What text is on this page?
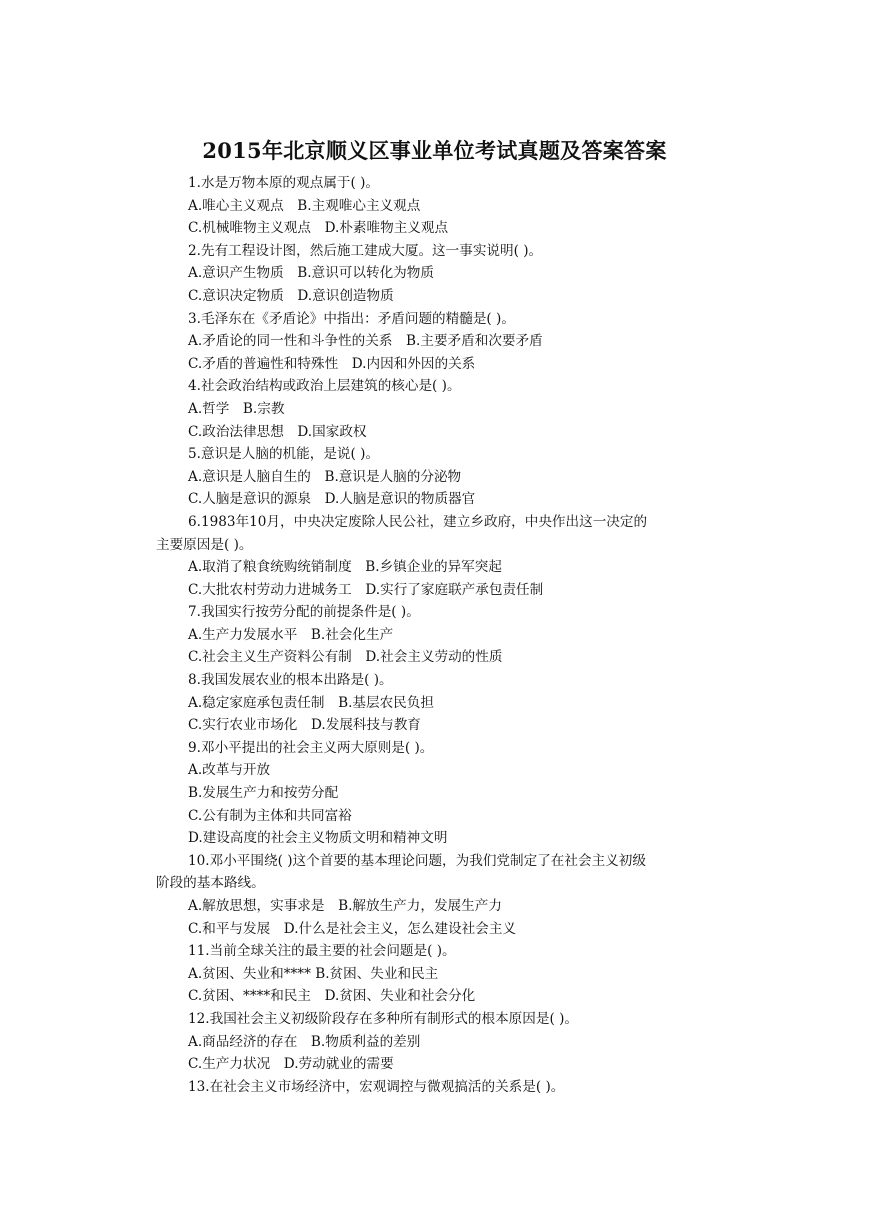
2015年北京顺义区事业单位考试真题及答案答案
1.水是万物本原的观点属于( )。
A.唯心主义观点　B.主观唯心主义观点
C.机械唯物主义观点　D.朴素唯物主义观点
2.先有工程设计图，然后施工建成大厦。这一事实说明( )。
A.意识产生物质　B.意识可以转化为物质
C.意识决定物质　D.意识创造物质
3.毛泽东在《矛盾论》中指出：矛盾问题的精髓是( )。
A.矛盾论的同一性和斗争性的关系　B.主要矛盾和次要矛盾
C.矛盾的普遍性和特殊性　D.内因和外因的关系
4.社会政治结构或政治上层建筑的核心是( )。
A.哲学　B.宗教
C.政治法律思想　D.国家政权
5.意识是人脑的机能，是说( )。
A.意识是人脑自生的　B.意识是人脑的分泌物
C.人脑是意识的源泉　D.人脑是意识的物质器官
6.1983年10月，中央决定废除人民公社，建立乡政府，中央作出这一决定的
主要原因是( )。
A.取消了粮食统购统销制度　B.乡镇企业的异军突起
C.大批农村劳动力进城务工　D.实行了家庭联产承包责任制
7.我国实行按劳分配的前提条件是( )。
A.生产力发展水平　B.社会化生产
C.社会主义生产资料公有制　D.社会主义劳动的性质
8.我国发展农业的根本出路是( )。
A.稳定家庭承包责任制　B.基层农民负担
C.实行农业市场化　D.发展科技与教育
9.邓小平提出的社会主义两大原则是( )。
A.改革与开放
B.发展生产力和按劳分配
C.公有制为主体和共同富裕
D.建设高度的社会主义物质文明和精神文明
10.邓小平围绕( )这个首要的基本理论问题，为我们党制定了在社会主义初级
阶段的基本路线。
A.解放思想，实事求是　B.解放生产力，发展生产力
C.和平与发展　D.什么是社会主义，怎么建设社会主义
11.当前全球关注的最主要的社会问题是( )。
A.贫困、失业和**** B.贫困、失业和民主
C.贫困、****和民主　D.贫困、失业和社会分化
12.我国社会主义初级阶段存在多种所有制形式的根本原因是( )。
A.商品经济的存在　B.物质利益的差别
C.生产力状况　D.劳动就业的需要
13.在社会主义市场经济中，宏观调控与微观搞活的关系是( )。
